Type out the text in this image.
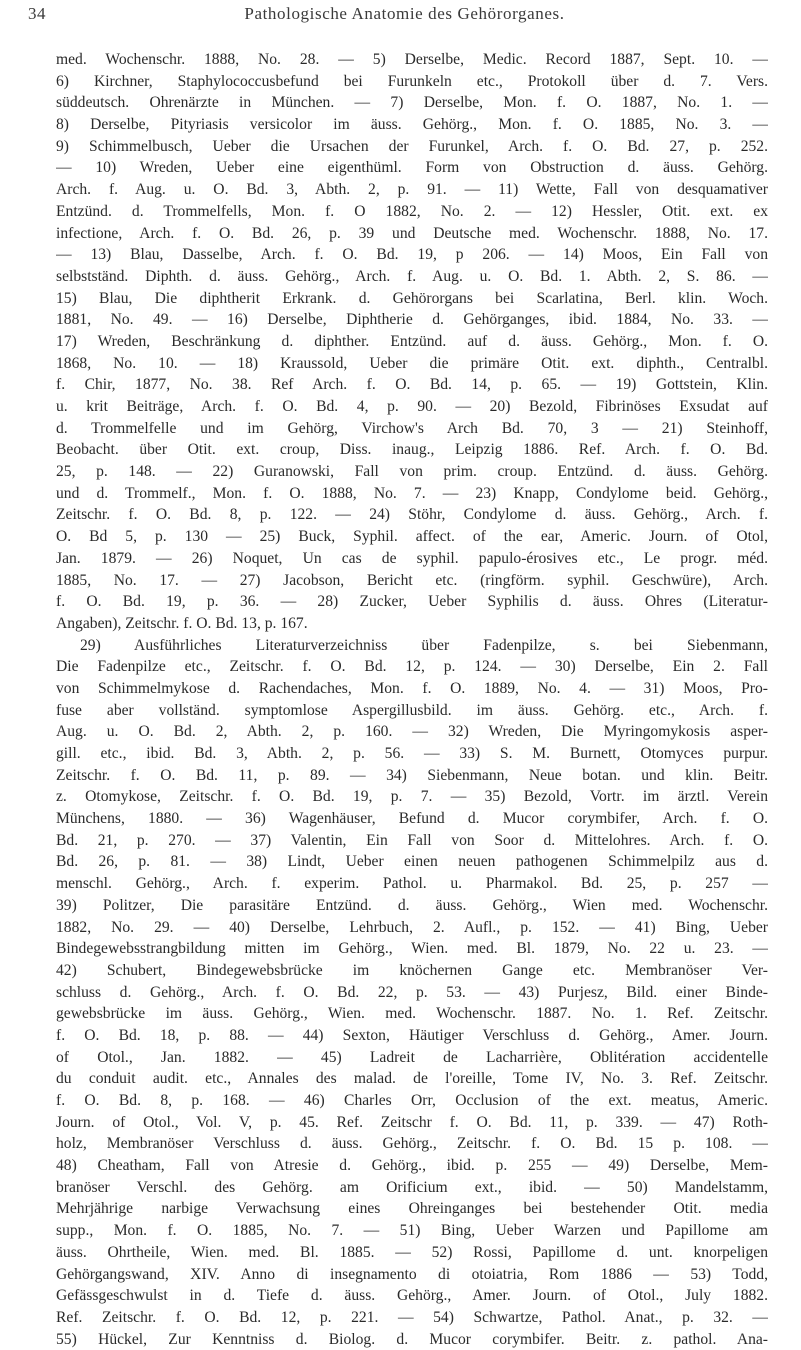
34	Pathologische Anatomie des Gehörorganes.
med. Wochenschr. 1888, No. 28. — 5) Derselbe, Medic. Record 1887, Sept. 10. —
6) Kirchner, Staphylococcusbefund bei Furunkeln etc., Protokoll über d. 7. Vers.
süddeutsch. Ohrenärzte in München. — 7) Derselbe, Mon. f. O. 1887, No. 1. —
8) Derselbe, Pityriasis versicolor im äuss. Gehörg., Mon. f. O. 1885, No. 3. —
9) Schimmelbusch, Ueber die Ursachen der Furunkel, Arch. f. O. Bd. 27, p. 252.
— 10) Wreden, Ueber eine eigenthüml. Form von Obstruction d. äuss. Gehörg.
Arch. f. Aug. u. O. Bd. 3, Abth. 2, p. 91. — 11) Wette, Fall von desquamativer
Entzünd. d. Trommelfells, Mon. f. O 1882, No. 2. — 12) Hessler, Otit. ext. ex
infectione, Arch. f. O. Bd. 26, p. 39 und Deutsche med. Wochenschr. 1888, No. 17.
— 13) Blau, Dasselbe, Arch. f. O. Bd. 19, p 206. — 14) Moos, Ein Fall von
selbstständ. Diphth. d. äuss. Gehörg., Arch. f. Aug. u. O. Bd. 1. Abth. 2, S. 86. —
15) Blau, Die diphtherit Erkrank. d. Gehörorgans bei Scarlatina, Berl. klin. Woch.
1881, No. 49. — 16) Derselbe, Diphtherie d. Gehörganges, ibid. 1884, No. 33. —
17) Wreden, Beschränkung d. diphther. Entzünd. auf d. äuss. Gehörg., Mon. f. O.
1868, No. 10. — 18) Kraussold, Ueber die primäre Otit. ext. diphth., Centralbl.
f. Chir, 1877, No. 38. Ref Arch. f. O. Bd. 14, p. 65. — 19) Gottstein, Klin.
u. krit Beiträge, Arch. f. O. Bd. 4, p. 90. — 20) Bezold, Fibrinöses Exsudat auf
d. Trommelfelle und im Gehörg, Virchow's Arch Bd. 70, 3 — 21) Steinhoff,
Beobacht. über Otit. ext. croup, Diss. inaug., Leipzig 1886. Ref. Arch. f. O. Bd.
25, p. 148. — 22) Guranowski, Fall von prim. croup. Entzünd. d. äuss. Gehörg.
und d. Trommelf., Mon. f. O. 1888, No. 7. — 23) Knapp, Condylome beid. Gehörg.,
Zeitschr. f. O. Bd. 8, p. 122. — 24) Stöhr, Condylome d. äuss. Gehörg., Arch. f.
O. Bd 5, p. 130 — 25) Buck, Syphil. affect. of the ear, Americ. Journ. of Otol,
Jan. 1879. — 26) Noquet, Un cas de syphil. papulo-érosives etc., Le progr. méd.
1885, No. 17. — 27) Jacobson, Bericht etc. (ringförm. syphil. Geschwüre), Arch.
f. O. Bd. 19, p. 36. — 28) Zucker, Ueber Syphilis d. äuss. Ohres (Literatur-
Angaben), Zeitschr. f. O. Bd. 13, p. 167.
29) Ausführliches Literaturverzeichniss über Fadenpilze, s. bei Siebenmann,
Die Fadenpilze etc., Zeitschr. f. O. Bd. 12, p. 124. — 30) Derselbe, Ein 2. Fall
von Schimmelmykose d. Rachendaches, Mon. f. O. 1889, No. 4. — 31) Moos, Pro-
fuse aber vollständ. symptomlose Aspergillusbild. im äuss. Gehörg. etc., Arch. f.
Aug. u. O. Bd. 2, Abth. 2, p. 160. — 32) Wreden, Die Myringomykosis asper-
gill. etc., ibid. Bd. 3, Abth. 2, p. 56. — 33) S. M. Burnett, Otomyces purpur.
Zeitschr. f. O. Bd. 11, p. 89. — 34) Siebenmann, Neue botan. und klin. Beitr.
z. Otomykose, Zeitschr. f. O. Bd. 19, p. 7. — 35) Bezold, Vortr. im ärztl. Verein
Münchens, 1880. — 36) Wagenhäuser, Befund d. Mucor corymbifer, Arch. f. O.
Bd. 21, p. 270. — 37) Valentin, Ein Fall von Soor d. Mittelohres. Arch. f. O.
Bd. 26, p. 81. — 38) Lindt, Ueber einen neuen pathogenen Schimmelpilz aus d.
menschl. Gehörg., Arch. f. experim. Pathol. u. Pharmakol. Bd. 25, p. 257 —
39) Politzer, Die parasitäre Entzünd. d. äuss. Gehörg., Wien med. Wochenschr.
1882, No. 29. — 40) Derselbe, Lehrbuch, 2. Aufl., p. 152. — 41) Bing, Ueber
Bindegewebsstrangbildung mitten im Gehörg., Wien. med. Bl. 1879, No. 22 u. 23. —
42) Schubert, Bindegewebsbrücke im knöchernen Gange etc. Membranöser Ver-
schluss d. Gehörg., Arch. f. O. Bd. 22, p. 53. — 43) Purjesz, Bild. einer Binde-
gewebsbrücke im äuss. Gehörg., Wien. med. Wochenschr. 1887. No. 1. Ref. Zeitschr.
f. O. Bd. 18, p. 88. — 44) Sexton, Häutiger Verschluss d. Gehörg., Amer. Journ.
of Otol., Jan. 1882. — 45) Ladreit de Lacharrière, Oblitération accidentelle
du conduit audit. etc., Annales des malad. de l'oreille, Tome IV, No. 3. Ref. Zeitschr.
f. O. Bd. 8, p. 168. — 46) Charles Orr, Occlusion of the ext. meatus, Americ.
Journ. of Otol., Vol. V, p. 45. Ref. Zeitschr f. O. Bd. 11, p. 339. — 47) Roth-
holz, Membranöser Verschluss d. äuss. Gehörg., Zeitschr. f. O. Bd. 15 p. 108. —
48) Cheatham, Fall von Atresie d. Gehörg., ibid. p. 255 — 49) Derselbe, Mem-
branöser Verschl. des Gehörg. am Orificium ext., ibid. — 50) Mandelstamm,
Mehrjährige narbige Verwachsung eines Ohreinganges bei bestehender Otit. media
supp., Mon. f. O. 1885, No. 7. — 51) Bing, Ueber Warzen und Papillome am
äuss. Ohrtheile, Wien. med. Bl. 1885. — 52) Rossi, Papillome d. unt. knorpeligen
Gehörgangswand, XIV. Anno di insegnamento di otoiatria, Rom 1886 — 53) Todd,
Gefässgeschwulst in d. Tiefe d. äuss. Gehörg., Amer. Journ. of Otol., July 1882.
Ref. Zeitschr. f. O. Bd. 12, p. 221. — 54) Schwartze, Pathol. Anat., p. 32. —
55) Hückel, Zur Kenntniss d. Biolog. d. Mucor corymbifer. Beitr. z. pathol. Ana-
